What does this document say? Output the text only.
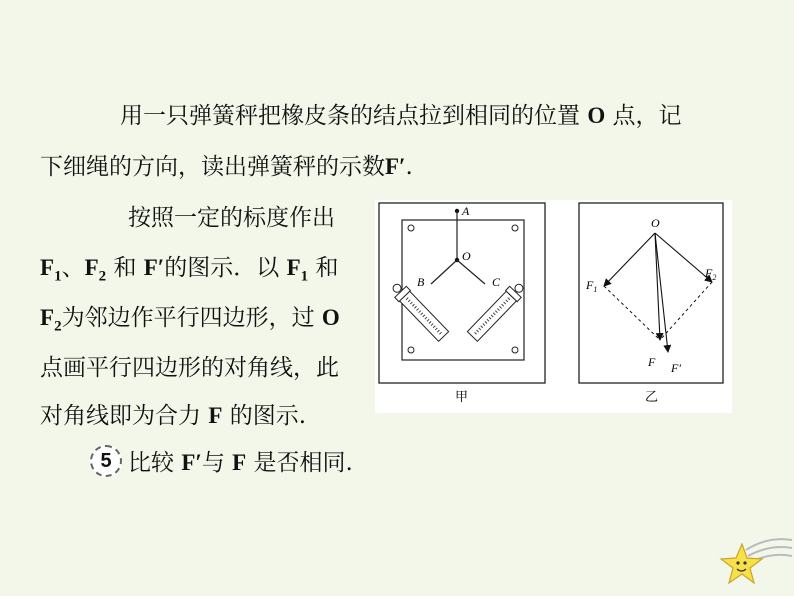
用一只弹簧秤把橡皮条的结点拉到相同的位置 O 点，记
下细绳的方向，读出弹簧秤的示数F′.
按照一定的标度作出
$F_1$、$F_2$ 和 F′的图示．以 $F_1$ 和
$F_2$为邻边作平行四边形，过 O
点画平行四边形的对角线，此
对角线即为合力 F 的图示.
5 比较 F′与 F 是否相同.
A
O
B	C
甲
O
$F_1$
$F_2$
F F′
乙
